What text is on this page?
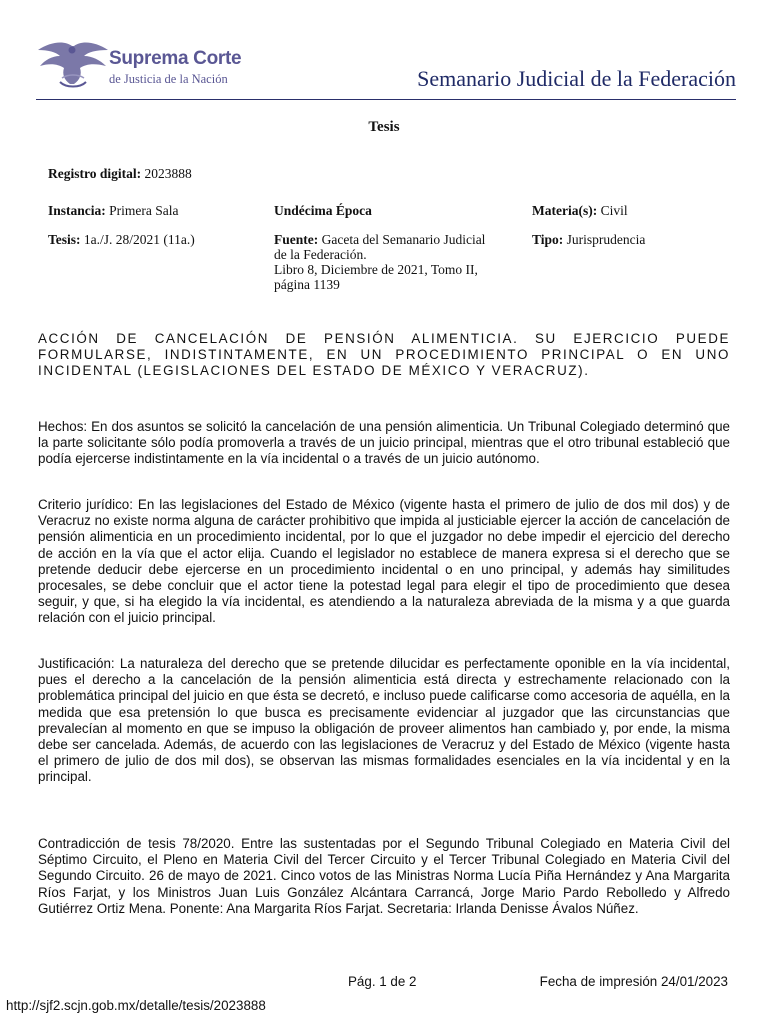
Suprema Corte
de Justicia de la Nación	Semanario Judicial de la Federación
Tesis
Registro digital: 2023888
Instancia: Primera Sala	Undécima Época	Materia(s): Civil
Tesis: 1a./J. 28/2021 (11a.)	Fuente: Gaceta del Semanario Judicial
de la Federación.
Libro 8, Diciembre de 2021, Tomo II,
página 1139
Tipo: Jurisprudencia
ACCIÓN DE CANCELACIÓN DE PENSIÓN ALIMENTICIA. SU EJERCICIO PUEDE FORMULARSE, INDISTINTAMENTE, EN UN PROCEDIMIENTO PRINCIPAL O EN UNO INCIDENTAL (LEGISLACIONES DEL ESTADO DE MÉXICO Y VERACRUZ).
Hechos: En dos asuntos se solicitó la cancelación de una pensión alimenticia. Un Tribunal Colegiado determinó que la parte solicitante sólo podía promoverla a través de un juicio principal, mientras que el otro tribunal estableció que podía ejercerse indistintamente en la vía incidental o a través de un juicio autónomo.
Criterio jurídico: En las legislaciones del Estado de México (vigente hasta el primero de julio de dos mil dos) y de Veracruz no existe norma alguna de carácter prohibitivo que impida al justiciable ejercer la acción de cancelación de pensión alimenticia en un procedimiento incidental, por lo que el juzgador no debe impedir el ejercicio del derecho de acción en la vía que el actor elija. Cuando el legislador no establece de manera expresa si el derecho que se pretende deducir debe ejercerse en un procedimiento incidental o en uno principal, y además hay similitudes procesales, se debe concluir que el actor tiene la potestad legal para elegir el tipo de procedimiento que desea seguir, y que, si ha elegido la vía incidental, es atendiendo a la naturaleza abreviada de la misma y a que guarda relación con el juicio principal.
Justificación: La naturaleza del derecho que se pretende dilucidar es perfectamente oponible en la vía incidental, pues el derecho a la cancelación de la pensión alimenticia está directa y estrechamente relacionado con la problemática principal del juicio en que ésta se decretó, e incluso puede calificarse como accesoria de aquélla, en la medida que esa pretensión lo que busca es precisamente evidenciar al juzgador que las circunstancias que prevalecían al momento en que se impuso la obligación de proveer alimentos han cambiado y, por ende, la misma debe ser cancelada. Además, de acuerdo con las legislaciones de Veracruz y del Estado de México (vigente hasta el primero de julio de dos mil dos), se observan las mismas formalidades esenciales en la vía incidental y en la principal.
Contradicción de tesis 78/2020. Entre las sustentadas por el Segundo Tribunal Colegiado en Materia Civil del Séptimo Circuito, el Pleno en Materia Civil del Tercer Circuito y el Tercer Tribunal Colegiado en Materia Civil del Segundo Circuito. 26 de mayo de 2021. Cinco votos de las Ministras Norma Lucía Piña Hernández y Ana Margarita Ríos Farjat, y los Ministros Juan Luis González Alcántara Carrancá, Jorge Mario Pardo Rebolledo y Alfredo Gutiérrez Ortiz Mena. Ponente: Ana Margarita Ríos Farjat. Secretaria: Irlanda Denisse Ávalos Núñez.
Pág. 1 de 2	Fecha de impresión 24/01/2023
http://sjf2.scjn.gob.mx/detalle/tesis/2023888
